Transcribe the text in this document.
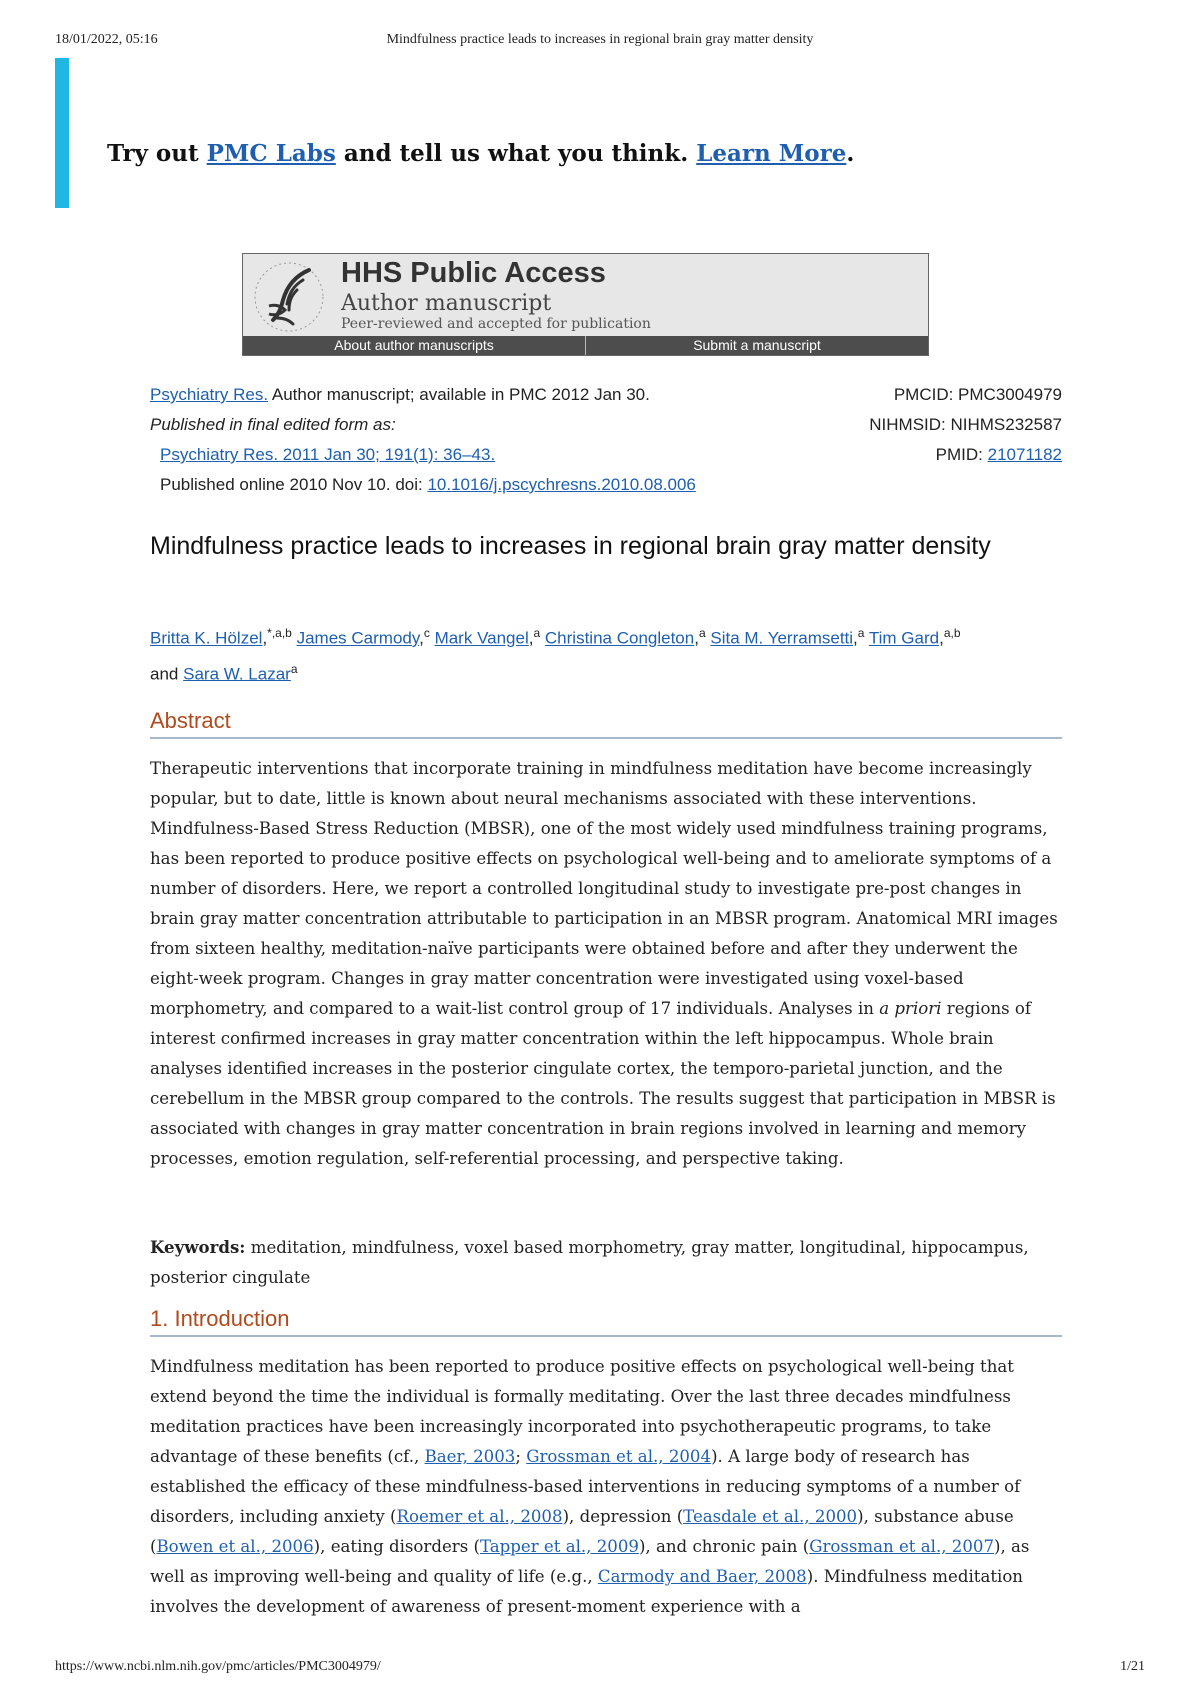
18/01/2022, 05:16	Mindfulness practice leads to increases in regional brain gray matter density
Try out PMC Labs and tell us what you think. Learn More.
HHS Public Access
Author manuscript
Peer-reviewed and accepted for publication
About author manuscripts	Submit a manuscript
Psychiatry Res. Author manuscript; available in PMC 2012 Jan 30.
Published in final edited form as:
Psychiatry Res. 2011 Jan 30; 191(1): 36–43.
Published online 2010 Nov 10. doi: 10.1016/j.pscychresns.2010.08.006
PMCID: PMC3004979
NIHMSID: NIHMS232587
PMID: 21071182
Mindfulness practice leads to increases in regional brain gray matter density
Britta K. Hölzel,$^{*,a,b}$ James Carmody,$^c$ Mark Vangel,$^a$ Christina Congleton,$^a$ Sita M. Yerramsetti,$^a$ Tim Gard,$^{a,b}$
and Sara W. Lazar$^a$
Abstract

Therapeutic interventions that incorporate training in mindfulness meditation have become increasingly popular, but to date, little is known about neural mechanisms associated with these interventions. Mindfulness-Based Stress Reduction (MBSR), one of the most widely used mindfulness training programs, has been reported to produce positive effects on psychological well-being and to ameliorate symptoms of a number of disorders. Here, we report a controlled longitudinal study to investigate pre-post changes in brain gray matter concentration attributable to participation in an MBSR program. Anatomical MRI images from sixteen healthy, meditation-naïve participants were obtained before and after they underwent the eight-week program. Changes in gray matter concentration were investigated using voxel-based morphometry, and compared to a wait-list control group of 17 individuals. Analyses in a priori regions of interest confirmed increases in gray matter concentration within the left hippocampus. Whole brain analyses identified increases in the posterior cingulate cortex, the temporo-parietal junction, and the cerebellum in the MBSR group compared to the controls. The results suggest that participation in MBSR is associated with changes in gray matter concentration in brain regions involved in learning and memory processes, emotion regulation, self-referential processing, and perspective taking.

Keywords: meditation, mindfulness, voxel based morphometry, gray matter, longitudinal, hippocampus, posterior cingulate

1. Introduction

Mindfulness meditation has been reported to produce positive effects on psychological well-being that extend beyond the time the individual is formally meditating. Over the last three decades mindfulness meditation practices have been increasingly incorporated into psychotherapeutic programs, to take advantage of these benefits (cf., Baer, 2003; Grossman et al., 2004). A large body of research has established the efficacy of these mindfulness-based interventions in reducing symptoms of a number of disorders, including anxiety (Roemer et al., 2008), depression (Teasdale et al., 2000), substance abuse (Bowen et al., 2006), eating disorders (Tapper et al., 2009), and chronic pain (Grossman et al., 2007), as well as improving well-being and quality of life (e.g., Carmody and Baer, 2008). Mindfulness meditation involves the development of awareness of present-moment experience with a

https://www.ncbi.nlm.nih.gov/pmc/articles/PMC3004979/	1/21
